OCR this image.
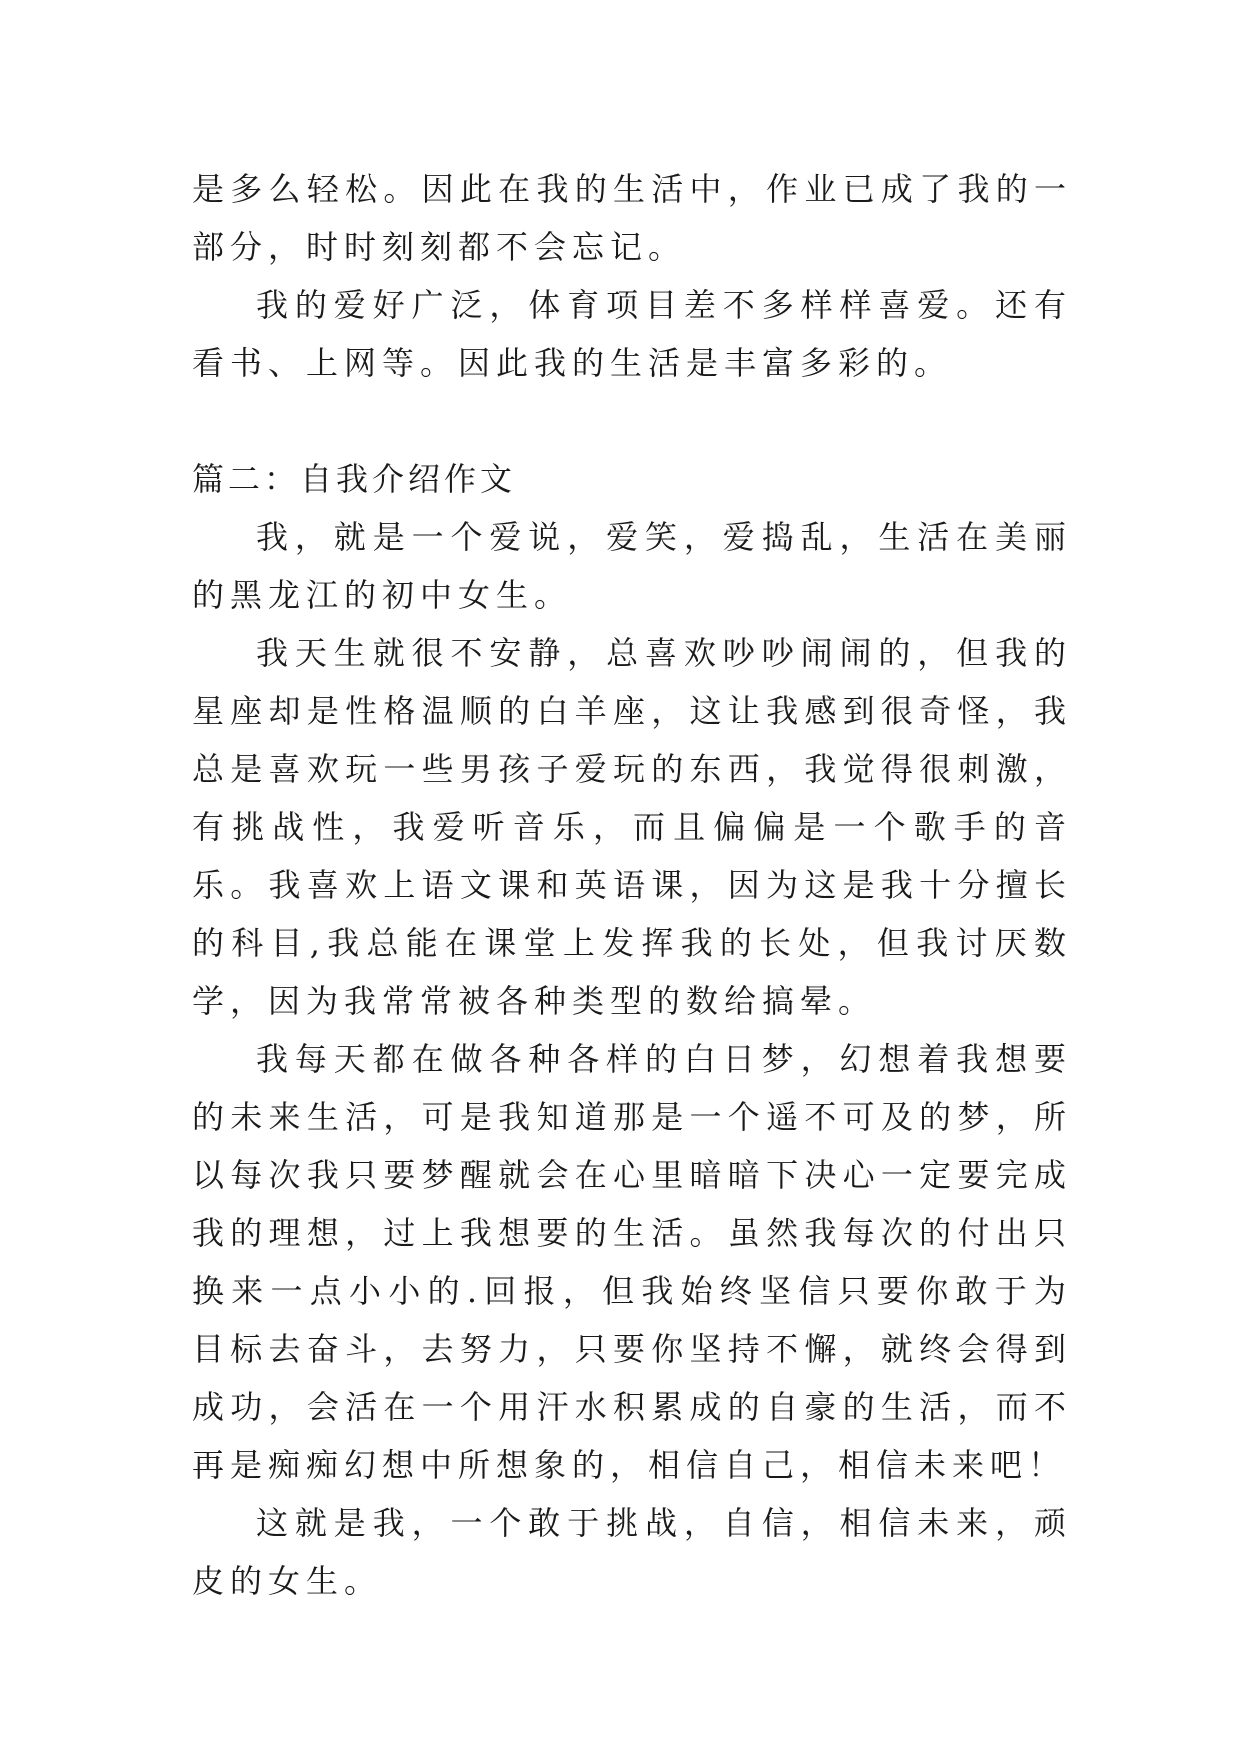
是多么轻松。因此在我的生活中，作业已成了我的一部分，时时刻刻都不会忘记。

我的爱好广泛，体育项目差不多样样喜爱。还有看书、上网等。因此我的生活是丰富多彩的。

篇二：自我介绍作文

我，就是一个爱说，爱笑，爱捣乱，生活在美丽的黑龙江的初中女生。

我天生就很不安静，总喜欢吵吵闹闹的，但我的星座却是性格温顺的白羊座，这让我感到很奇怪，我总是喜欢玩一些男孩子爱玩的东西，我觉得很刺激，有挑战性，我爱听音乐，而且偏偏是一个歌手的音乐。我喜欢上语文课和英语课，因为这是我十分擅长的科目,我总能在课堂上发挥我的长处，但我讨厌数学，因为我常常被各种类型的数给搞晕。

我每天都在做各种各样的白日梦，幻想着我想要的未来生活，可是我知道那是一个遥不可及的梦，所以每次我只要梦醒就会在心里暗暗下决心一定要完成我的理想，过上我想要的生活。虽然我每次的付出只换来一点小小的.回报，但我始终坚信只要你敢于为目标去奋斗，去努力，只要你坚持不懈，就终会得到成功，会活在一个用汗水积累成的自豪的生活，而不再是痴痴幻想中所想象的，相信自己，相信未来吧！

这就是我，一个敢于挑战，自信，相信未来，顽皮的女生。
